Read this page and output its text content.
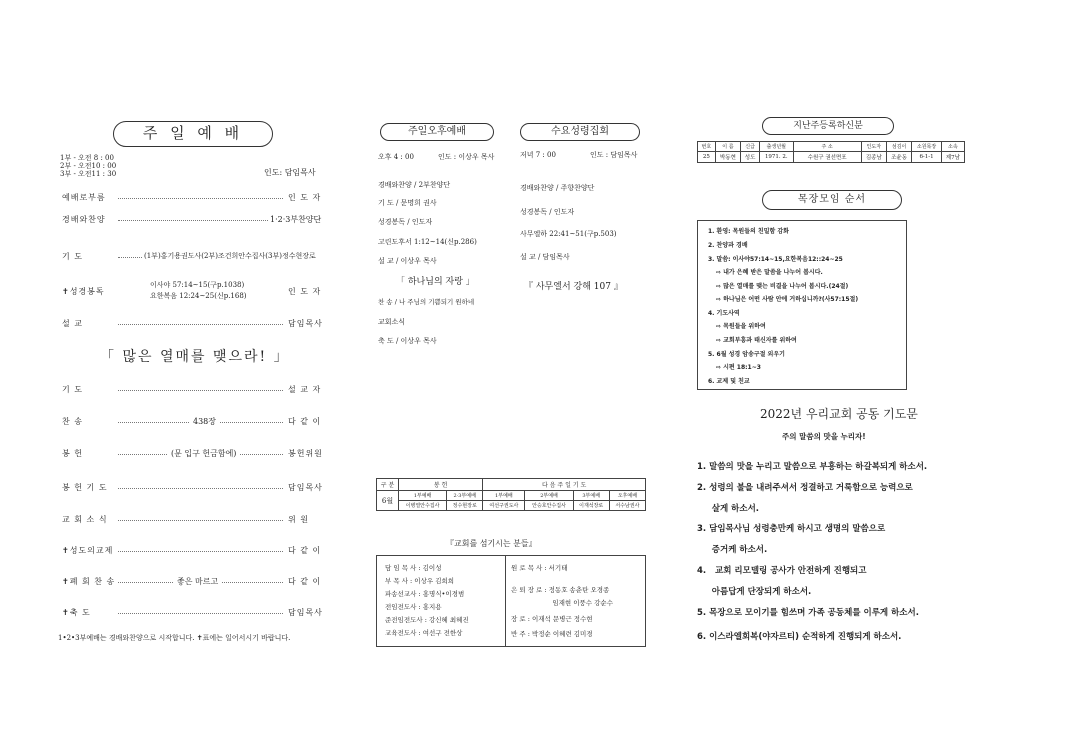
주 일 예 배
1부 - 오전 8 : 00
2부 - 오전10 : 00
3부 - 오전11 : 30	인도: 담임목사
예배로부름	인 도 자
경배와찬양	1·2·3부찬양단
기 도	(1부)홍기용권도사(2부)조건희안수집사(3부)정수현장로
✝성경봉독
이사야 57:14~15(구p.1038)
요한복음 12:24~25(신p.168)	인 도 자
설 교	담임목사
「 많은 열매를 맺으라! 」
기 도	설 교 자
찬 송	438장	다 같 이
봉 헌	(문 입구 헌금함에)	봉헌위원
봉 헌 기 도	담임목사
교 회 소 식	위 원
✝성도의교제	다 같 이
✝폐 회 찬 송	좋은 마르고	다 같 이
✝축 도	담임목사
1•2•3부예배는 경배와찬양으로 시작합니다. ✝표에는 일어서시기 바랍니다.
주일오후예배
오후 4 : 00	인도 : 이상우 목사
경배와찬양 / 2부찬양단
기 도 / 문명희 권사
성경봉독 / 인도자
고린도후서 1:12~14(신p.286)
설 교 / 이상우 목사
「 하나님의 자랑 」
찬 송 / 나 주님의 기쁨되기 원하네
교회소식
축 도 / 이상우 목사
수요성령집회
저녁 7 : 00	인도 : 담임목사
경배와찬양 / 주향찬양단
성경봉독 / 인도자
사무엘하 22:41~51(구p.503)
설 교 / 담임목사
『 사무엘서 강해 107 』
구 분	봉 헌		다 음 주 일 기 도			
6월	1부예배	2·3부예배	1부예배	2부예배	3부예배	오후예배
	이병열안수집사	정수현장로	여선구권도사	안승호안수집사	이재석장로	서수남권사
『교회를 섬기시는 분들』
담 임 목 사 : 김이성
부 목 사 : 이상우 김희희
파송선교사 : 홍명식•이경범
전임전도사 : 홍지용
준전임전도사 : 강신혜 최혜진
교육전도사 : 여선구 전한상
원 로 목 사 : 서기태
은 퇴 장 로 : 정동호 송춘탄 오경종
임재현 이풍수 강순수
장 로 : 이재석 문병근 정수현
반 주 : 박정순 이혜련 김미경
지난주등록하신분
번호	이 름	신급	출생년월	주 소	인도자	섬김이	소원목장	소속
25	박동현	성도	1971. 2.	수원구 권선면포	김종남	조윤동	6-1-1	제7남
목장모임 순서
1. 환영: 목원들의 친밀함 감화
2. 찬양과 경배
3. 말씀: 이사야57:14~15,요한복음12::24~25
⇨ 내가 은혜 받은 말씀을 나누어 봅시다.
⇨ 많은 열매를 맺는 비결을 나누어 봅시다.(24절)
⇨ 하나님은 어떤 사람 안에 거하십니까?(사57:15절)
4. 기도사역
⇨ 목원들을 위하여
⇨ 교회부흥과 태신자를 위하여
5. 6월 성경 암송구절 외우기
⇨ 시편 18:1~3
6. 교제 및 친교
2022년 우리교회 공동 기도문
주의 말씀의 맛을 누리자!
1. 말씀의 맛을 누리고 말씀으로 부흥하는 하갈복되게 하소서.
2. 성령의 불을 내려주셔서 정결하고 거룩함으로 능력으로
살게 하소서.
3. 담임목사님 성령충만케 하시고 생명의 말씀으로
증거케 하소서.
4.   교회 리모델링 공사가 안전하게 진행되고
아름답게 단장되게 하소서.
5. 목장으로 모이기를 힘쓰며 가족 공동체를 이루게 하소서.
6. 이스라엘회복(야자르티) 순적하게 진행되게 하소서.
